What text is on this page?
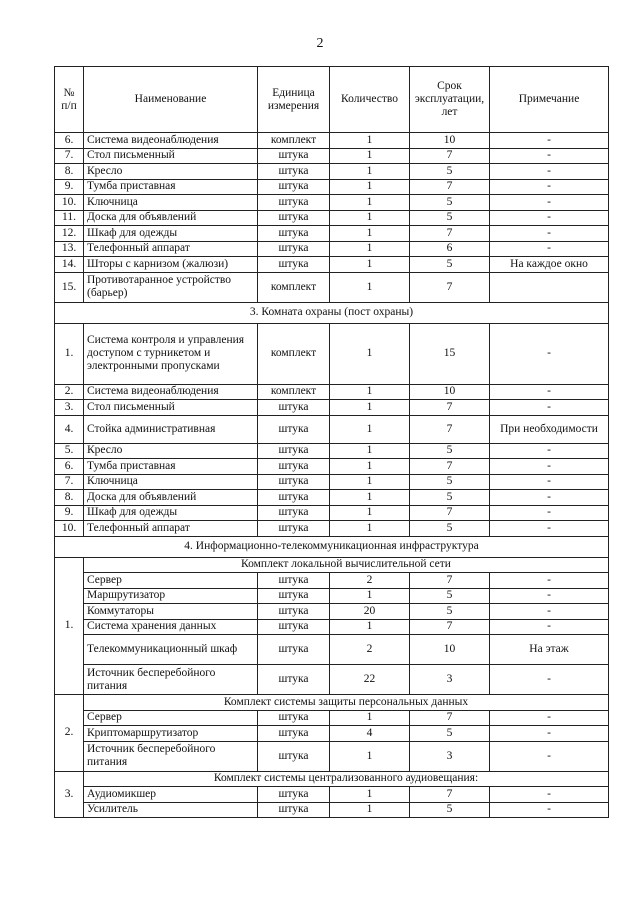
2
№ п/п	Наименование	Единица измерения	Количество	Срок эксплуатации, лет	Примечание
6.	Система видеонаблюдения	комплект	1	10	-
7.	Стол письменный	штука	1	7	-
8.	Кресло	штука	1	5	-
9.	Тумба приставная	штука	1	7	-
10.	Ключница	штука	1	5	-
11.	Доска для объявлений	штука	1	5	-
12.	Шкаф для одежды	штука	1	7	-
13.	Телефонный аппарат	штука	1	6	-
14.	Шторы с карнизом (жалюзи)	штука	1	5	На каждое окно
15.	Противотаранное устройство (барьер)	комплект	1	7	
3. Комната охраны (пост охраны)					
1.	Система контроля и управления доступом с турникетом и электронными пропусками	комплект	1	15	-
2.	Система видеонаблюдения	комплект	1	10	-
3.	Стол письменный	штука	1	7	-
4.	Стойка административная	штука	1	7	При необходимости
5.	Кресло	штука	1	5	-
6.	Тумба приставная	штука	1	7	-
7.	Ключница	штука	1	5	-
8.	Доска для объявлений	штука	1	5	-
9.	Шкаф для одежды	штука	1	7	-
10.	Телефонный аппарат	штука	1	5	-
4. Информационно-телекоммуникационная инфраструктура					
1.	Комплект локальной вычислительной сети				
	Сервер	штука	2	7	-
	Маршрутизатор	штука	1	5	-
	Коммутаторы	штука	20	5	-
	Система хранения данных	штука	1	7	-
	Телекоммуникационный шкаф	штука	2	10	На этаж
	Источник бесперебойного питания	штука	22	3	-
2.	Комплект системы защиты персональных данных				
	Сервер	штука	1	7	-
	Криптомаршрутизатор	штука	4	5	-
	Источник бесперебойного питания	штука	1	3	-
3.	Комплект системы централизованного аудиовещания:				
	Аудиомикшер	штука	1	7	-
	Усилитель	штука	1	5	-
